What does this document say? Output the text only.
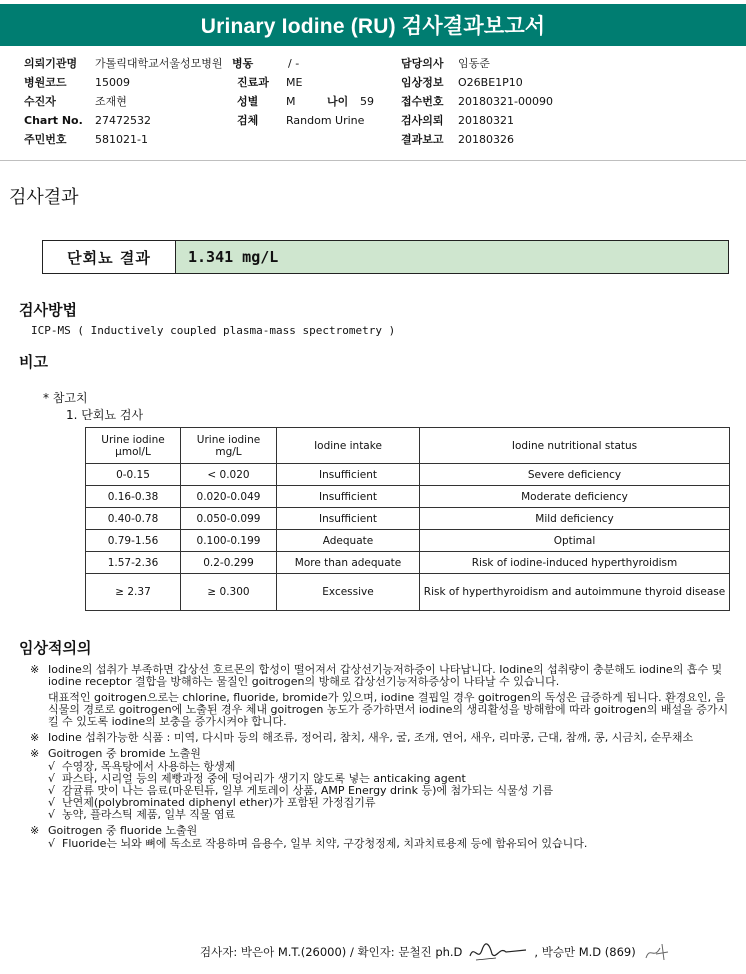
Urinary Iodine (RU) 검사결과보고서
의뢰기관명 가톨릭대학교서울성모병원 병동	/ -	담당의사 임동준
병원코드	15009	진료과 ME	임상정보 O26BE1P10
수진자	조재현	성별	M	나이 59 접수번호 20180321-00090
Chart No. 27472532	검체	Random Urine	검사의뢰 20180321
주민번호	581021-1	결과보고 20180326
검사결과
단회뇨 결과	1.341 mg/L
검사방법
ICP-MS ( Inductively coupled plasma-mass spectrometry )
비고
* 참고치
1. 단회뇨 검사
Urine iodine µmol/L	Urine iodine mg/L	Iodine intake	Iodine nutritional status
0-0.15	< 0.020	Insufficient	Severe deficiency
0.16-0.38	0.020-0.049	Insufficient	Moderate deficiency
0.40-0.78	0.050-0.099	Insufficient	Mild deficiency
0.79-1.56	0.100-0.199	Adequate	Optimal
1.57-2.36	0.2-0.299	More than adequate	Risk of iodine-induced hyperthyroidism
≥ 2.37	≥ 0.300	Excessive	Risk of hyperthyroidism and autoimmune thyroid disease
임상적의의
※ Iodine의 섭취가 부족하면 갑상선 호르몬의 합성이 떨어져서 갑상선기능저하증이 나타납니다. Iodine의 섭취량이 충분해도 iodine의 흡수 및 iodine receptor 결합을 방해하는 물질인 goitrogen의 방해로 갑상선기능저하증상이 나타날 수 있습니다.
대표적인 goitrogen으로는 chlorine, fluoride, bromide가 있으며, iodine 결핍일 경우 goitrogen의 독성은 급증하게 됩니다. 환경요인, 음식물의 경로로 goitrogen에 노출된 경우 체내 goitrogen 농도가 증가하면서 iodine의 생리활성을 방해함에 따라 goitrogen의 배설을 증가시킬 수 있도록 iodine의 보충을 증가시켜야 합니다.
※ Iodine 섭취가능한 식품 : 미역, 다시마 등의 해조류, 정어리, 참치, 새우, 굴, 조개, 연어, 새우, 리마콩, 근대, 참깨, 콩, 시금치, 순무채소
※ Goitrogen 중 bromide 노출원
√ 수영장, 목욕탕에서 사용하는 항생제
√ 파스타, 시리얼 등의 제빵과정 중에 덩어리가 생기지 않도록 넣는 anticaking agent
√ 감귤류 맛이 나는 음료(마운틴듀, 일부 게토레이 상품, AMP Energy drink 등)에 첨가되는 식물성 기름
√ 난연제(polybrominated diphenyl ether)가 포함된 가정집기류
√ 농약, 플라스틱 제품, 일부 직물 염료
※ Goitrogen 중 fluoride 노출원
√ Fluoride는 뇌와 뼈에 독소로 작용하며 음용수, 일부 치약, 구강청정제, 치과치료용제 등에 함유되어 있습니다.
검사자: 박은아 M.T.(26000) / 확인자: 문철진 ph.D	, 박승만 M.D (869)
